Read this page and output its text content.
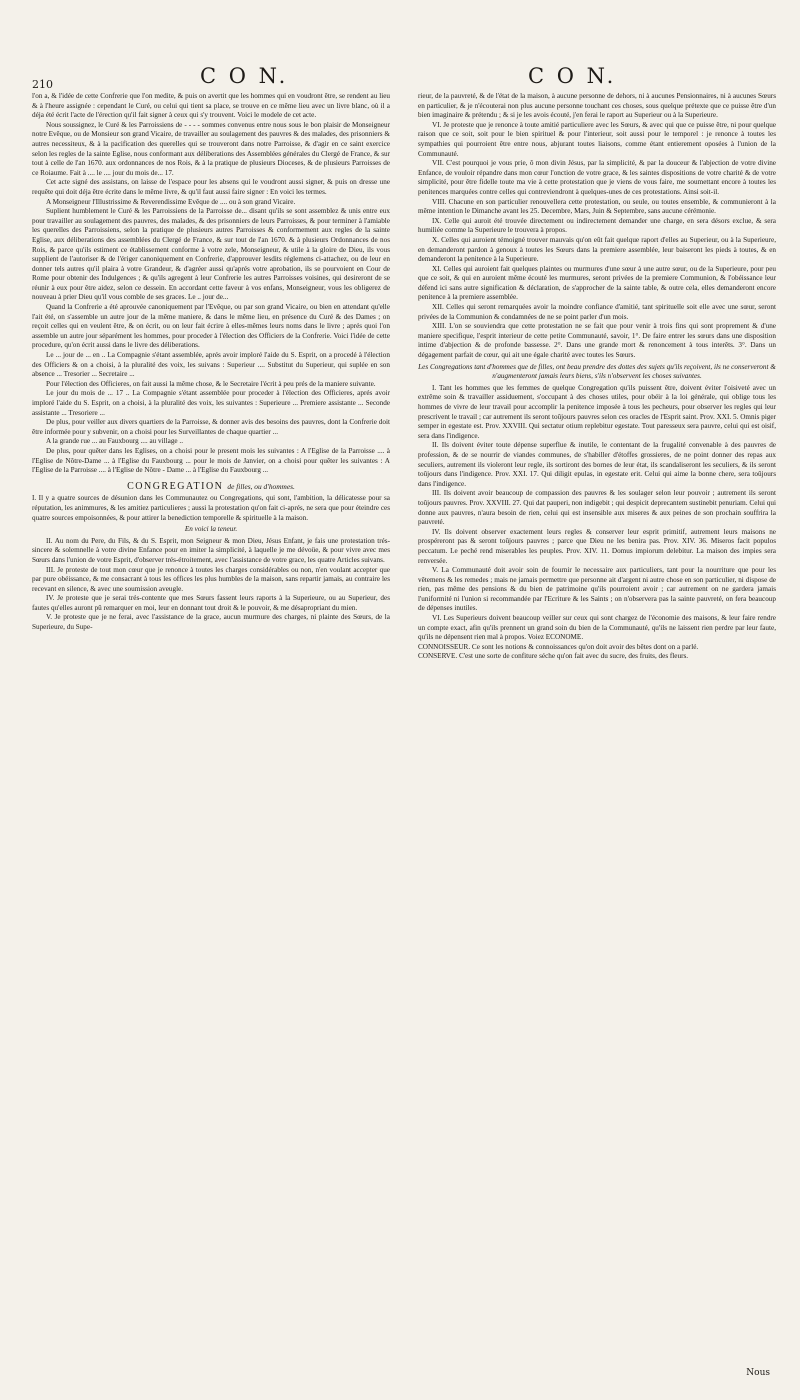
210	C O N.	C O N.

l'on a, & l'idée de cette Confrerie que l'on medite, & puis on avertit que les hommes qui en voudront être, se rendent au lieu & à l'heure assignée : cependant le Curé, ou celui qui tient sa place, se trouve en ce même lieu avec un livre blanc, où il a déja été écrit l'acte de l'érection qu'il fait signer à ceux qui s'y trouvent. Voici le modele de cet acte.

Nous soussignez, le Curé & les Parroissiens de - - - - sommes convenus entre nous sous le bon plaisir de Monseigneur notre Evêque, ou de Monsieur son grand Vicaire, de travailler au soulagement des pauvres & des malades, des prisonniers & autres necessiteux, & à la pacification des querelles qui se trouveront dans notre Parroisse, & d'agir en ce saint exercice selon les regles de la sainte Eglise, nous conformant aux déliberations des Assemblées générales du Clergé de France, & sur tout à celle de l'an 1670. aux ordonnances de nos Rois, & à la pratique de plusieurs Dioceses, & de plusieurs Parroisses de ce Roiaume. Fait à .... le .... jour du mois de... 17.

Cet acte signé des assistans, on laisse de l'espace pour les absens qui le voudront aussi signer, & puis on dresse une requête qui doit déja être écrite dans le même livre, & qu'il faut aussi faire signer : En voici les termes.

A Monseigneur l'Illustrissime & Reverendissime Evêque de .... ou à son grand Vicaire.

Suplient humblement le Curé & les Parroissiens de la Parroisse de... disant qu'ils se sont assemblez & unis entre eux pour travailler au soulagement des pauvres, des malades, & des prisonniers de leurs Parroisses, & pour terminer à l'amiable les querelles des Parroissiens, selon la pratique de plusieurs autres Parroisses & conformement aux regles de la sainte Eglise, aux déliberations des assemblées du Clergé de France, & sur tout de l'an 1670. & à plusieurs Ordonnances de nos Rois, & parce qu'ils estiment ce établissement conforme à votre zele, Monseigneur, & utile à la gloire de Dieu, ils vous supplient de l'autoriser & de l'ériger canoniquement en Confrerie, d'approuver lesdits réglemens ci-attachez, ou de leur en donner tels autres qu'il plaira à votre Grandeur, & d'agréer aussi qu'aprés votre aprobation, ils se pourvoient en Cour de Rome pour obtenir des Indulgences ; & qu'ils agregent à leur Confrerie les autres Parroisses voisines, qui desireront de se réunir à eux pour être aidez, selon ce dessein. En accordant cette faveur à vos enfans, Monseigneur, vous les obligerez de nouveau à prier Dieu qu'il vous comble de ses graces. Le .. jour de...

Quand la Confrerie a été aprouvée canoniquement par l'Evêque, ou par son grand Vicaire, ou bien en attendant qu'elle l'ait été, on s'assemble un autre jour de la même maniere, & dans le même lieu, en présence du Curé & des Dames ; on reçoit celles qui en veulent être, & on écrit, ou on leur fait écrire à elles-mêmes leurs noms dans le livre ; aprés quoi l'on assemble un autre jour séparément les hommes, pour proceder à l'élection des Officiers de la Confrerie. Voici l'idée de cette procedure, qu'on écrit aussi dans le livre des déliberations.

Le ... jour de ... en .. La Compagnie s'étant assemblée, aprés avoir imploré l'aide du S. Esprit, on a procedé à l'élection des Officiers & on a choisi, à la pluralité des voix, les suivans : Superieur .... Substitut du Superieur, qui suplée en son absence ... Tresorier ... Secretaire ...

Pour l'élection des Officieres, on fait aussi la même chose, & le Secretaire l'écrit à peu prés de la maniere suivante.

Le jour du mois de ... 17 .. La Compagnie s'étant assemblée pour proceder à l'élection des Officieres, aprés avoir imploré l'aide du S. Esprit, on a choisi, à la pluralité des voix, les suivantes : Superieure ... Premiere assistante ... Seconde assistante ... Tresoriere ...

De plus, pour veiller aux divers quartiers de la Parroisse, & donner avis des besoins des pauvres, dont la Confrerie doit être informée pour y subvenir, on a choisi pour les Surveillantes de chaque quartier ...

A la grande rue ... au Fauxbourg .... au village ..

De plus, pour quêter dans les Eglises, on a choisi pour le present mois les suivantes : A l'Eglise de la Parroisse .... à l'Eglise de Nôtre-Dame ... à l'Eglise du Fauxbourg ... pour le mois de Janvier, on a choisi pour quêter les suivantes : A l'Eglise de la Parroisse .... à l'Eglise de Nôtre - Dame ... à l'Eglise du Fauxbourg ...

CONGREGATION de filles, ou d'hommes.

I. Il y a quatre sources de désunion dans les Communautez ou Congregations, qui sont, l'ambition, la délicatesse pour sa réputation, les animmures, & les amitiez particulieres ; aussi la protestation qu'on fait ci-aprés, ne sera que pour éteindre ces quatre sources empoisonnées, & pour attirer la benediction temporelle & spirituelle à la maison.

En voici la teneur.

II. Au nom du Pere, du Fils, & du S. Esprit, mon Seigneur & mon Dieu, Jésus Enfant, je fais une protestation trés-sincere & solemnelle à votre divine Enfance pour en imiter la simplicité, à laquelle je me dévoüe, & pour vivre avec mes Sœurs dans l'union de votre Esprit, d'observer trés-étroitement, avec l'assistance de votre grace, les quatre Articles suivans.

III. Je proteste de tout mon cœur que je renonce à toutes les charges considérables ou non, n'en voulant accepter que par pure obéissance, & me consacrant à tous les offices les plus humbles de la maison, sans repartir jamais, au contraire les recevant en silence, & avec une soumission aveugle.

IV. Je proteste que je serai trés-contente que mes Sœurs fassent leurs raports à la Superieure, ou au Superieur, des fautes qu'elles auront pû remarquer en moi, leur en donnant tout droit & le pouvoir, & me désapropriant du mien.

V. Je proteste que je ne ferai, avec l'assistance de la grace, aucun murmure des charges, ni plainte des Sœurs, de la Superieure, du Supe-

rieur, de la pauvreté, & de l'état de la maison, à aucune personne de dehors, ni à aucunes Pensionnaires, ni à aucunes Sœurs en particulier, & je n'écouterai non plus aucune personne touchant ces choses, sous quelque prétexte que ce puisse être d'un bien imaginaire & prétendu ; & si je les avois écouté, j'en ferai le raport au Superieur ou à la Superieure.

VI. Je proteste que je renonce à toute amitié particuliere avec les Sœurs, & avec qui que ce puisse être, ni pour quelque raison que ce soit, soit pour le bien spirituel & pour l'interieur, soit aussi pour le temporel : je renonce à toutes les sympathies qui pourroient être entre nous, abjurant toutes liaisons, comme étant entierement oposées à l'union de la Communauté.

VII. C'est pourquoi je vous prie, ô mon divin Jésus, par la simplicité, & par la douceur & l'abjection de votre divine Enfance, de vouloir répandre dans mon cœur l'onction de votre grace, & les saintes dispositions de votre charité & de votre simplicité, pour être fidelle toute ma vie à cette protestation que je viens de vous faire, me soumettant encore à toutes les penitences marquées contre celles qui contreviendront à quelques-unes de ces protestations. Ainsi soit-il.

VIII. Chacune en son particulier renouvellera cette protestation, ou seule, ou toutes ensemble, & communieront à la même intention le Dimanche avant les 25. Decembre, Mars, Juin & Septembre, sans aucune cérémonie.

IX. Celle qui auroit été trouvée directement ou indirectement demander une charge, en sera désors exclue, & sera humiliée comme la Superieure le trouvera à propos.

X. Celles qui auroient témoigné trouver mauvais qu'on eût fait quelque raport d'elles au Superieur, ou à la Superieure, en demanderont pardon à genoux à toutes les Sœurs dans la premiere assemblée, leur baiseront les pieds à toutes, & en demanderont la penitence à la Superieure.

XI. Celles qui auroient fait quelques plaintes ou murmures d'une sœur à une autre sœur, ou de la Superieure, pour peu que ce soit, & qui en auroient même écouté les murmures, seront privées de la premiere Communion, & l'obéissance leur défend ici sans autre signification & déclaration, de s'approcher de la sainte table, & outre cela, elles demanderont encore penitence à la premiere assemblée.

XII. Celles qui seront remarquées avoir la moindre confiance d'amitié, tant spirituelle soit elle avec une sœur, seront privées de la Communion & condamnées de ne se point parler d'un mois.

XIII. L'on se souviendra que cette protestation ne se fait que pour venir à trois fins qui sont proprement & d'une maniere specifique, l'esprit interieur de cette petite Communauté, savoir, 1°. De faire entrer les sœurs dans une disposition intime d'abjection & de profonde bassesse. 2°. Dans une grande mort & renoncement à tous interêts. 3°. Dans un dégagement parfait de cœur, qui ait une égale charité avec toutes les Sœurs.

Les Congregations tant d'hommes que de filles, ont beau prendre des dottes des sujets qu'ils reçoivent, ils ne conserveront & n'augmenteront jamais leurs biens, s'ils n'observent les choses suivantes.

I. Tant les hommes que les femmes de quelque Congregation qu'ils puissent être, doivent éviter l'oisiveté avec un extrême soin & travailler assiduement, s'occupant à des choses utiles, pour obéir à la loi générale, qui oblige tous les hommes de vivre de leur travail pour accomplir la penitence imposée à tous les pecheurs, pour observer les regles qui leur prescrivent le travail ; car autrement ils seront toûjours pauvres selon ces oracles de l'Esprit saint. Prov. XXI. 5. Omnis piger semper in egestate est. Prov. XXVIII. Qui sectatur otium replebitur egestate. Tout paresseux sera pauvre, celui qui est oisif, sera dans l'indigence.

II. Ils doivent éviter toute dépense superflue & inutile, le contentant de la frugalité convenable à des pauvres de profession, & de se nourrir de viandes communes, de s'habiller d'étoffes grossieres, de ne point donner des repas aux seculiers, autrement ils violeront leur regle, ils sortiront des bornes de leur état, ils scandaliseront les seculiers, & ils seront toûjours dans l'indigence. Prov. XXI. 17. Qui diligit epulas, in egestate erit. Celui qui aime la bonne chere, sera toûjours dans l'indigence.

III. Ils doivent avoir beaucoup de compassion des pauvres & les soulager selon leur pouvoir ; autrement ils seront toûjours pauvres. Prov. XXVIII. 27. Qui dat pauperi, non indigebit ; qui despicit deprecantem sustinebit penuriam. Celui qui donne aux pauvres, n'aura besoin de rien, celui qui est insensible aux miseres & aux peines de son prochain souffrira la pauvreté.

IV. Ils doivent observer exactement leurs regles & conserver leur esprit primitif, autrement leurs maisons ne prospéreront pas & seront toûjours pauvres ; parce que Dieu ne les benira pas. Prov. XIV. 36. Miseros facit populos peccatum. Le peché rend miserables les peuples. Prov. XIV. 11. Domus impiorum delebitur. La maison des impies sera renversée.

V. La Communauté doit avoir soin de fournir le necessaire aux particuliers, tant pour la nourriture que pour les vêtemens & les remedes ; mais ne jamais permettre que personne ait d'argent ni autre chose en son particulier, ni dispose de rien, pas même des pensions & du bien de patrimoine qu'ils pourroient avoir ; car autrement on ne gardera jamais l'uniformité ni l'union si recommandée par l'Ecriture & les Saints ; on n'observera pas la sainte pauvreté, on fera beaucoup de dépenses inutiles.

VI. Les Superieurs doivent beaucoup veiller sur ceux qui sont chargez de l'économie des maisons, & leur faire rendre un compte exact, afin qu'ils prennent un grand soin du bien de la Communauté, qu'ils ne laissent rien perdre par leur faute, qu'ils ne dépensent rien mal à propos. Voiez ECONOME.

CONNOISSEUR. Ce sont les notions & connoissances qu'on doit avoir des bêtes dont on a parlé.

CONSERVE. C'est une sorte de confiture séche qu'on fait avec du sucre, des fruits, des fleurs.

Nous
